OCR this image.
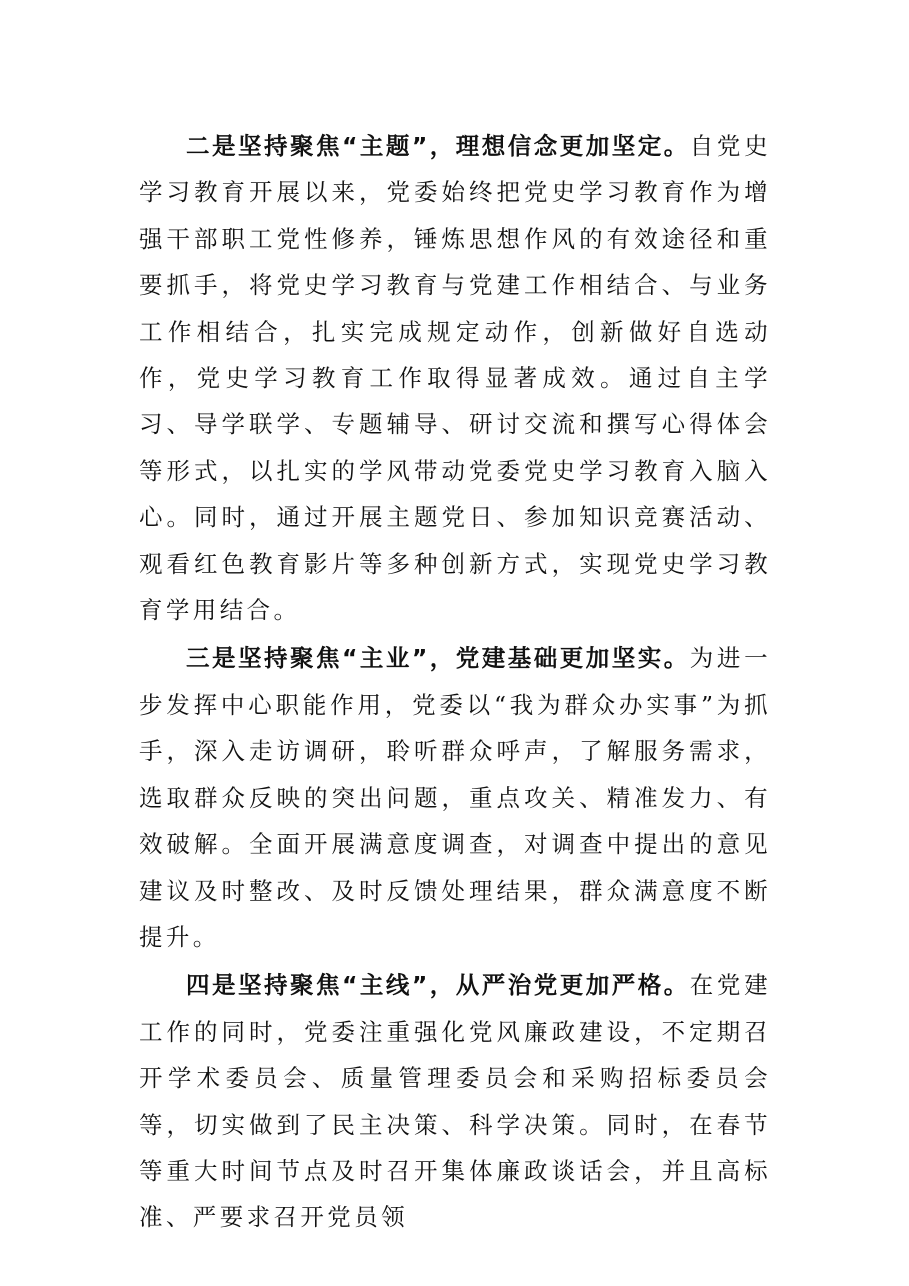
二是坚持聚焦“主题”，理想信念更加坚定。自党史学习教育开展以来，党委始终把党史学习教育作为增强干部职工党性修养，锤炼思想作风的有效途径和重要抓手，将党史学习教育与党建工作相结合、与业务工作相结合，扎实完成规定动作，创新做好自选动作，党史学习教育工作取得显著成效。通过自主学习、导学联学、专题辅导、研讨交流和撰写心得体会等形式，以扎实的学风带动党委党史学习教育入脑入心。同时，通过开展主题党日、参加知识竞赛活动、观看红色教育影片等多种创新方式，实现党史学习教育学用结合。

三是坚持聚焦“主业”，党建基础更加坚实。为进一步发挥中心职能作用，党委以“我为群众办实事”为抓手，深入走访调研，聆听群众呼声，了解服务需求，选取群众反映的突出问题，重点攻关、精准发力、有效破解。全面开展满意度调查，对调查中提出的意见建议及时整改、及时反馈处理结果，群众满意度不断提升。

四是坚持聚焦“主线”，从严治党更加严格。在党建工作的同时，党委注重强化党风廉政建设，不定期召开学术委员会、质量管理委员会和采购招标委员会等，切实做到了民主决策、科学决策。同时，在春节等重大时间节点及时召开集体廉政谈话会，并且高标准、严要求召开党员领
